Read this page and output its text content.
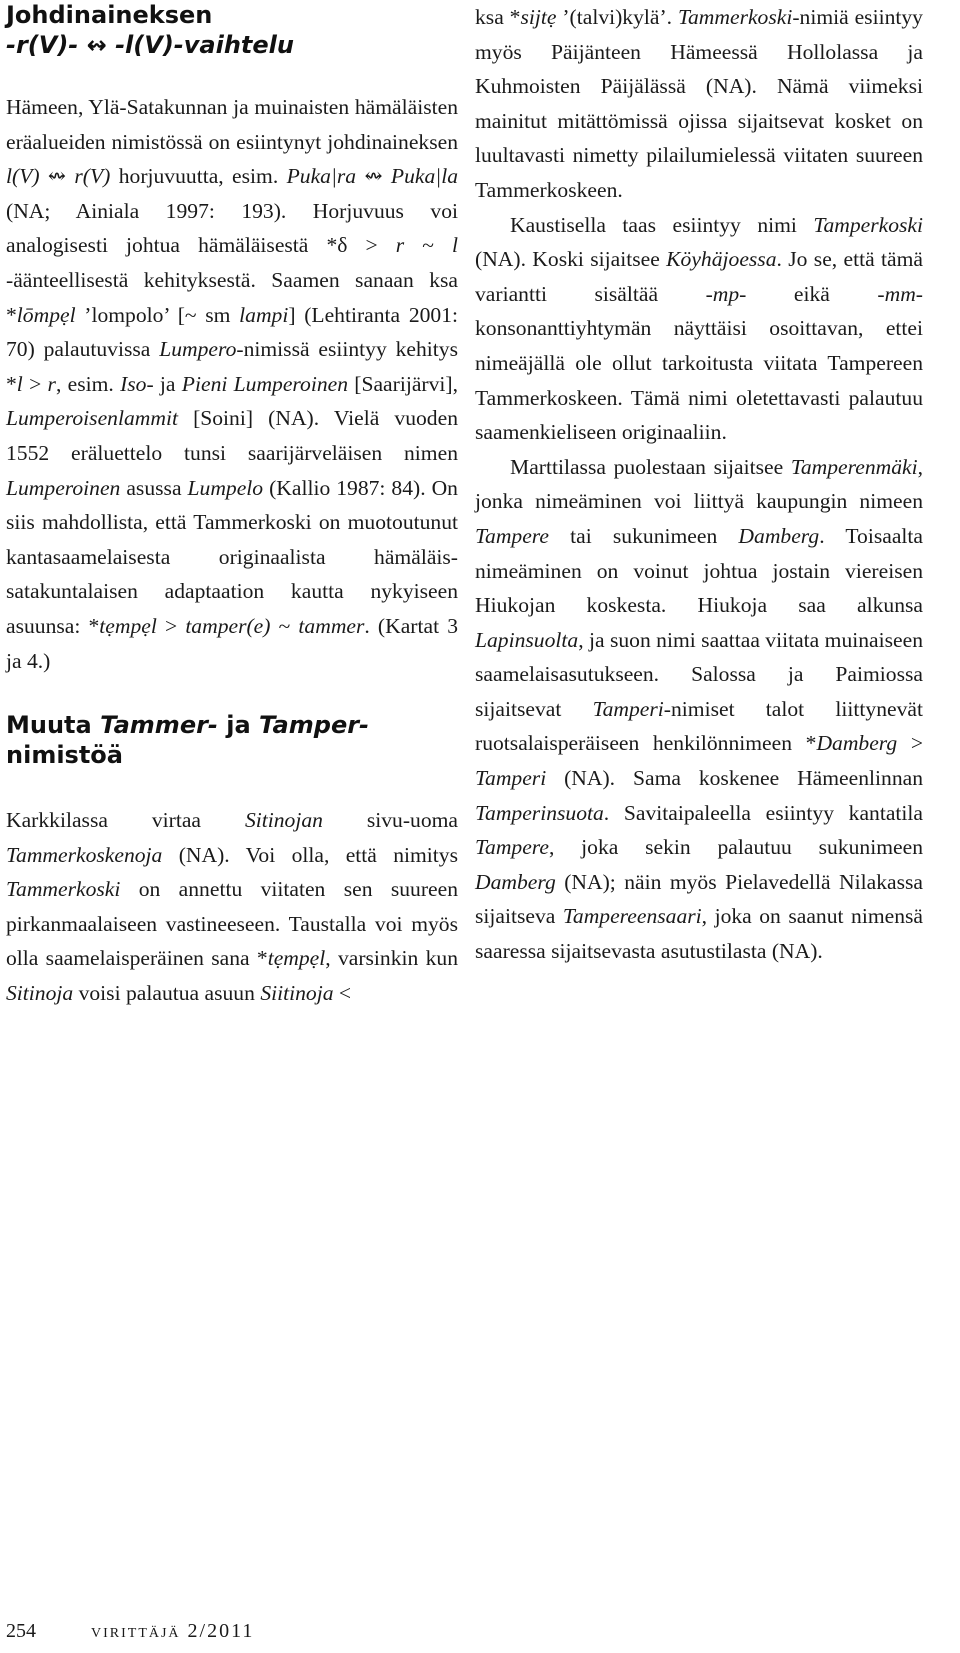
Johdinaineksen
-r(V)- ↭ -l(V)-vaihtelu

Hämeen, Ylä-Satakunnan ja muinaisten hämäläisten eräalueiden nimistössä on esiintynyt johdinaineksen l(V) ↭ r(V) horjuvuutta, esim. Puka|ra ↭ Puka|la (NA; Ainiala 1997: 193). Horjuvuus voi analogisesti johtua hämäläisestä *δ > r ~ l -äänteellisestä kehityksestä. Saamen sanaan ksa *lōmpẹl ’lompolo’ [~ sm lampi] (Lehtiranta 2001: 70) palautuvissa Lumpero-nimissä esiintyy kehitys *l > r, esim. Iso- ja Pieni Lumperoinen [Saarijärvi], Lumperoisenlammit [Soini] (NA). Vielä vuoden 1552 eräluettelo tunsi saarijärveläisen nimen Lumperoinen asussa Lumpelo (Kallio 1987: 84). On siis mahdollista, että Tammerkoski on muotoutunut kantasaamelaisesta originaalista hämäläis-satakuntalaisen adaptaation kautta nykyiseen asuunsa: *tẹmpẹl > tamper(e) ~ tammer. (Kartat 3 ja 4.)

Muuta Tammer- ja Tamper-nimistöä

Karkkilassa virtaa Sitinojan sivu-uoma Tammerkoskenoja (NA). Voi olla, että nimitys Tammerkoski on annettu viitaten sen suureen pirkanmaalaiseen vastineeseen. Taustalla voi myös olla saamelaisperäinen sana *tẹmpẹl, varsinkin kun Sitinoja voisi palautua asuun Siitinoja <

ksa *sijtẹ ’(talvi)kylä’. Tammerkoski-nimiä esiintyy myös Päijänteen Hämeessä Hollolassa ja Kuhmoisten Päijälässä (NA). Nämä viimeksi mainitut mitättömissä ojissa sijaitsevat kosket on luultavasti nimetty pilailumielessä viitaten suureen Tammerkoskeen.

Kaustisella taas esiintyy nimi Tamperkoski (NA). Koski sijaitsee Köyhäjoessa. Jo se, että tämä variantti sisältää -mp- eikä -mm-konsonanttiyhtymän näyttäisi osoittavan, ettei nimeäjällä ole ollut tarkoitusta viitata Tampereen Tammerkoskeen. Tämä nimi oletettavasti palautuu saamenkieliseen originaaliin.

Marttilassa puolestaan sijaitsee Tamperenmäki, jonka nimeäminen voi liittyä kaupungin nimeen Tampere tai sukunimeen Damberg. Toisaalta nimeäminen on voinut johtua jostain viereisen Hiukojan koskesta. Hiukoja saa alkunsa Lapinsuolta, ja suon nimi saattaa viitata muinaiseen saamelaisasutukseen. Salossa ja Paimiossa sijaitsevat Tamperi-nimiset talot liittynevät ruotsalaisperäiseen henkilönnimeen *Damberg > Tamperi (NA). Sama koskenee Hämeenlinnan Tamperinsuota. Savitaipaleella esiintyy kantatila Tampere, joka sekin palautuu sukunimeen Damberg (NA); näin myös Pielavedellä Nilakassa sijaitseva Tampereensaari, joka on saanut nimensä saaressa sijaitsevasta asutustilasta (NA).

254	virittäjä 2/2011
